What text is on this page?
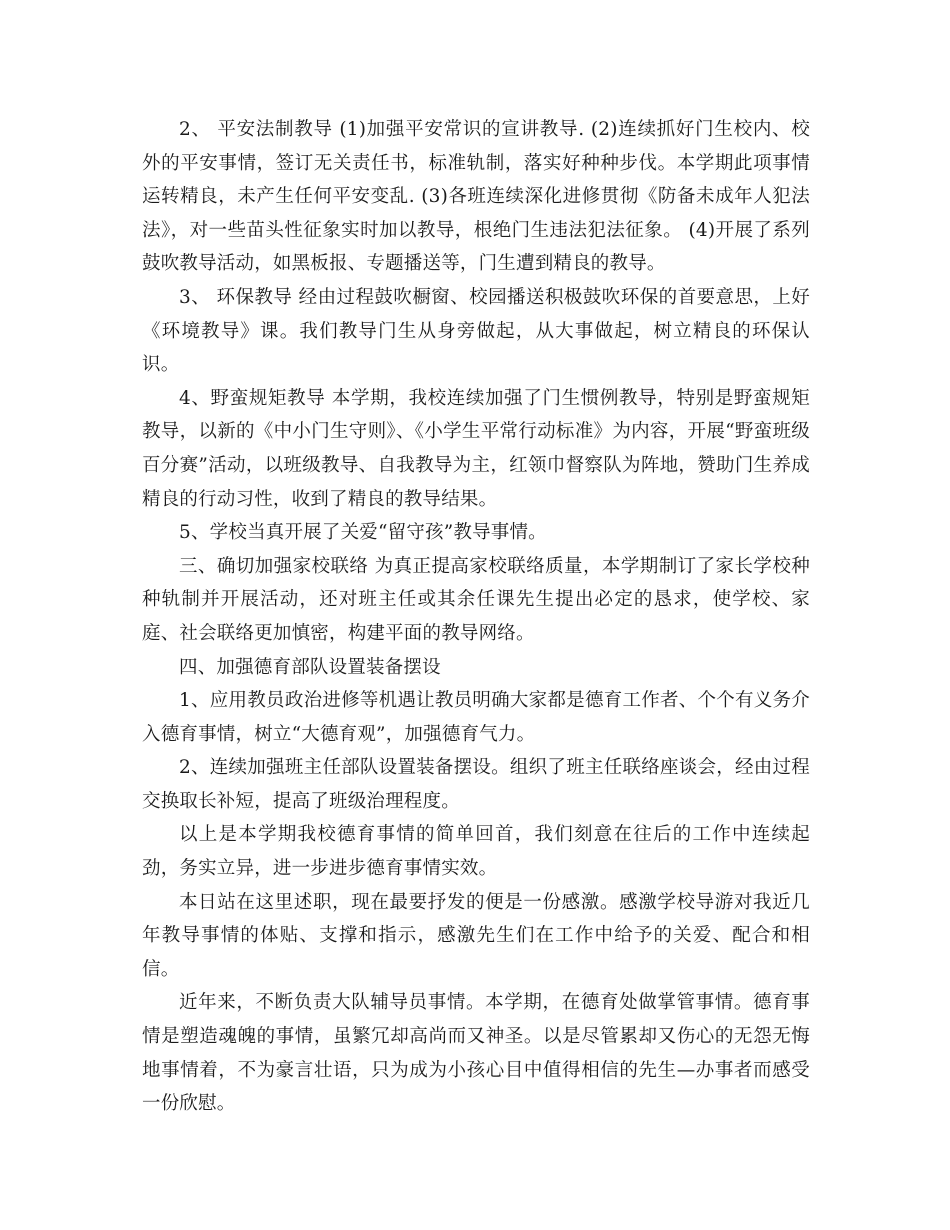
2、 平安法制教导 (1)加强平安常识的宣讲教导. (2)连续抓好门生校内、校外的平安事情，签订无关责任书，标准轨制，落实好种种步伐。本学期此项事情运转精良，未产生任何平安变乱. (3)各班连续深化进修贯彻《防备未成年人犯法法》，对一些苗头性征象实时加以教导，根绝门生违法犯法征象。 (4)开展了系列鼓吹教导活动，如黑板报、专题播送等，门生遭到精良的教导。

3、 环保教导 经由过程鼓吹橱窗、校园播送积极鼓吹环保的首要意思，上好《环境教导》课。我们教导门生从身旁做起，从大事做起，树立精良的环保认识。

4、野蛮规矩教导 本学期，我校连续加强了门生惯例教导，特别是野蛮规矩教导，以新的《中小门生守则》、《小学生平常行动标准》为内容，开展“野蛮班级百分赛”活动，以班级教导、自我教导为主，红领巾督察队为阵地，赞助门生养成精良的行动习性，收到了精良的教导结果。

5、学校当真开展了关爱“留守孩”教导事情。

三、确切加强家校联络 为真正提高家校联络质量，本学期制订了家长学校种种轨制并开展活动，还对班主任或其余任课先生提出必定的恳求，使学校、家庭、社会联络更加慎密，构建平面的教导网络。

四、加强德育部队设置装备摆设

1、应用教员政治进修等机遇让教员明确大家都是德育工作者、个个有义务介入德育事情，树立“大德育观”，加强德育气力。

2、连续加强班主任部队设置装备摆设。组织了班主任联络座谈会，经由过程交换取长补短，提高了班级治理程度。

以上是本学期我校德育事情的简单回首，我们刻意在往后的工作中连续起劲，务实立异，进一步进步德育事情实效。

本日站在这里述职，现在最要抒发的便是一份感激。感激学校导游对我近几年教导事情的体贴、支撑和指示，感激先生们在工作中给予的关爱、配合和相信。

近年来，不断负责大队辅导员事情。本学期，在德育处做掌管事情。德育事情是塑造魂魄的事情，虽繁冗却高尚而又神圣。以是尽管累却又伤心的无怨无悔地事情着，不为豪言壮语，只为成为小孩心目中值得相信的先生—办事者而感受一份欣慰。
